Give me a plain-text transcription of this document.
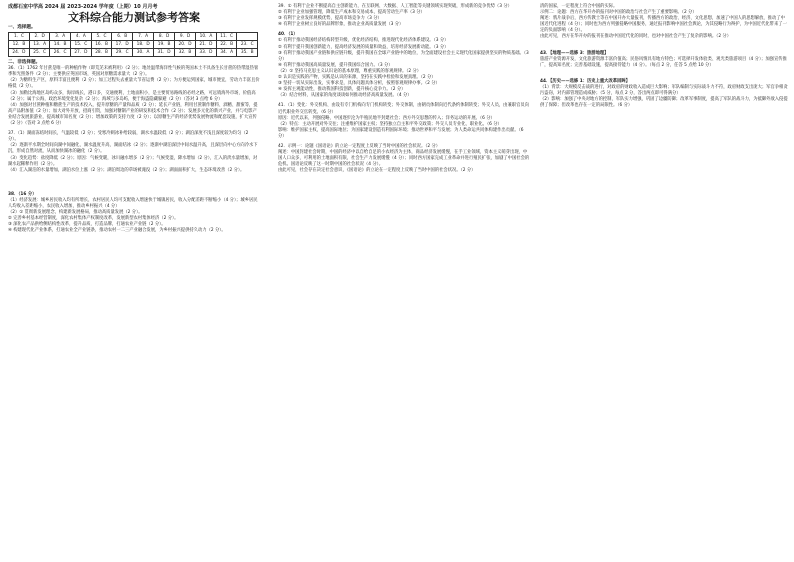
成都石室中学高 2024 届 2023-2024 学年度（上期）10 月月考

文科综合能力测试参考答案

一、选择题。

1．C	2．D	3．A	4．A	5．C	6．B	7．A	8．D	9．D	10．A	11．C	
12．B	13．A	14．B	15．C	16．B	17．D	18．D	19．B	20．D	21．D	22．B	23．C
24．D	25．C	26．C	27．D	28．B	29．C	30．A	31．D	32．B	33．D	34．A	35．B

二、非选择题。

36．（1）1762 年甘蔗是唯一的种植作物（即荒芜未被利用）（2 分）；地处温带海洋性气候的英国本土不具备生长甘蔗的热带湿热暑季和光照条件（2 分）；主要供应英国市场，英国对原糖需求量大（2 分）。

（2）为糖料生产区，原料丰富且便利（2 分）；加工过程失去重量大节省运费（2 分）；为方便运到国家，城市便宜，劳动力丰富且价格低（2 分）。

（3）加勒比海地区岛屿众多，海岸线长，港口多，交通便利，土地面积小，是主要贸易路线的必经之路，可远销海外市场，价值高（2 分）；属于公海，政治环境变化复杂（2 分）；海域与多岛屿，便于海盗隐藏躲避（2 分）（答对 3 点给 6 分）

（4）加强对甘蔗种植和糖蔗生产的技术投入，提升原糖的产量和品质（2 分）；延长产业链，利用甘蔗制作糖料、酒精、甜蜜等，提高产品附加值（2 分）；加大对外开放，招商引资，加强对糖制产业的研发和技术合作（2 分）；发展多元化的新兴产业，并与电影产业结合发展旅游业，提高城市知名度（2 分）；增加政策的支持力度（2 分）；以原糖生产的经济优势发展物流和配套设施，扩大宣传（2 分）（答对 3 点给 6 分）

37．（1）湖面冻结时间长，气温较低（2 分）；受寒冷刺冰补给较弱，湖水水温较低（2 分）；湖泊深度不浅且深度较为均匀（2 分）。

（2）逐渐平水期全时间向湖中间融化，湖水温度升高，湖面结冰（2 分）；逐渐中湖泊深层中间水温升高，且深层向中心方向冷水下沉，形成自然对流，从而加快湖冰的融化（2 分）。

（3）变化趋势：盐度降低（2 分）；原因：气候变暖，冰川融水增多（2 分）；气候变湿，降水增加（2 分），汇入的淡水量增加，对湖水起稀释作用（2 分）。

（4）汇入湖泊的水量增加，湖泊水位上涨（2 分）；湖泊周边的草场被淹没（2 分）；湖面面积扩大，生态环境改善（2 分）。

38．（16 分）

（1）经济发展：城乡居民收入均有所增长，农村居民人均可支配收入增速快于城镇居民，收入分配差距不断缩小（4 分）；城乡居民人均收入差距缩小，农民收入增加，推动乡村振兴（4 分）

（2）① 贯彻新发展理念，构建新发展格局，推动高质量发展（2 分）。

② 完善乡村基本经营制度，深化农村集体产权制度改革，发展新型农村集体经济（2 分）。

③ 深化农产品供给侧结构性改革，提升品质，打造品牌，打通农业产业链（2 分）。

④ 构建现代化产业体系，打通农业全产业链条，推动农村一二三产业融合发展，为乡村振兴提供持久动力（2 分）。

39．① 有利于企业不断提高自主创新能力，在互联网、大数据、人工智能等关键领域实现突破，形成新的竞争优势（3 分）

② 有利于企业加强管理，降低生产成本和交易成本，提高劳动生产率（3 分）

③ 有利于企业发挥规模优势，提高市场竞争力（3 分）

④ 有利于企业树立良好的品牌形象，推动企业高质量发展（3 分）

40．（1）

① 有利于推动我国经济结构转型升级，优化经济结构，推进现代化经济体系建设。（3 分）

② 有利于提升我国创新能力，提高经济发展的质量和效益，培育经济发展新动能。（3 分）

③ 有利于推动我国产业链和供应链升级，提升我国在全球产业链中的地位，为全面建设社会主义现代化国家提供坚实的物质基础。（3 分）

④ 有利于推动我国高质量发展，提升我国综合国力。（3 分）

（2）① 坚持马克思主义认识论的基本原理，尊重实践的客观规律。（2 分）

② 认识是实践的产物，实践是认识的来源，坚持在实践中检验和发展真理。（2 分）

③ 坚持一切从实际出发，实事求是，具体问题具体分析，按照客观规律办事。（2 分）

④ 发挥主观能动性，推动我国科技创新，提升核心竞争力。（2 分）

（3）结合材料，从国家的角度谈谈如何推动经济高质量发展。（4 分）

41．（1）变化：外交机构、由设有专门机构向专门机构转变；外交体制，由朝贡体制向近代条约体制转变；外交人员，由兼职官员向近代职业外交官转变。（6 分）

原因：近代以来，列强侵略，中国逐步沦为半殖民地半封建社会；西方外交思想的传入；洋务运动的开展。（6 分）

（2）特点：主动开展对外交往；注重维护国家主权；坚持独立自主和平外交政策；外交人员专业化、职业化。（6 分）

影响：维护国家主权，提高国际地位；为国家建设创造有利国际环境；推动世界和平与发展；为人类命运共同体构建作出贡献。（6 分）

42．示例一：论题《国语论》的立论一定程度上反映了当时中国的社会状况。（2 分）

阐述：中国封建社会时期，中国的经济中以自给自足的小农经济为主体，商品经济发展缓慢，在手工业领域，资本主义萌芽出现，中国人口众多，可利用的土地面积有限，社会生产力发展缓慢（4 分）；同时西方国家完成工业革命并进行殖民扩张，加剧了中国社会的危机。国语论反映了这一时期中国的社会状况（4 分）。

由此可见，社会存在决定社会意识，《国语论》的立论在一定程度上反映了当时中国的社会状况。（2 分）

清的国家，一定程度上符合中国的实际。

示例二：论题：西方在华开办的报刊对中国的政治与社会产生了重要影响。（2 分）

阐述：鸦片战争后，西方传教士等在中国开办大量报刊，传播西方的政治、经济、文化思想，加速了中国人的思想解放，推动了中国近代化进程（4 分）；同时也为西方列强侵略中国服务，通过报刊影响中国社会舆论，为其侵略行为辩护，为中国近代化带来了一定的负面影响（4 分）。

由此可见，西方在华开办的报刊在推动中国近代化的同时，也对中国社会产生了复杂的影响。（2 分）

43．【地理——选修 3：旅游地理】

旅游产业资源开发，文化旅游资源丰富价值高；民俗风情具有地方特色；可选择开发体验类、观光类旅游项目（4 分）；加强宣传推广，提高知名度；完善基础设施，提高接待能力（4 分）。（每点 2 分，任答 5 点给 10 分）

44．【历史——选修 1：历史上重大改革回眸】

（1）背景：大规模反击战的进行，对政府的财政收入造成巨大影响；军队编制与实际战斗力不符，政府财政支出庞大；军官争相贪污盗窃，对内部管理造成威胁；（5 分，每点 2 分，答出两点即可得满分）

（2）影响：加强了中央对地方的控制，军队实力增强，巩固了边疆防御；改革军事制度，提高了军队的战斗力，为抵御外敌入侵提供了保障；但改革也存在一定的局限性。（6 分）
